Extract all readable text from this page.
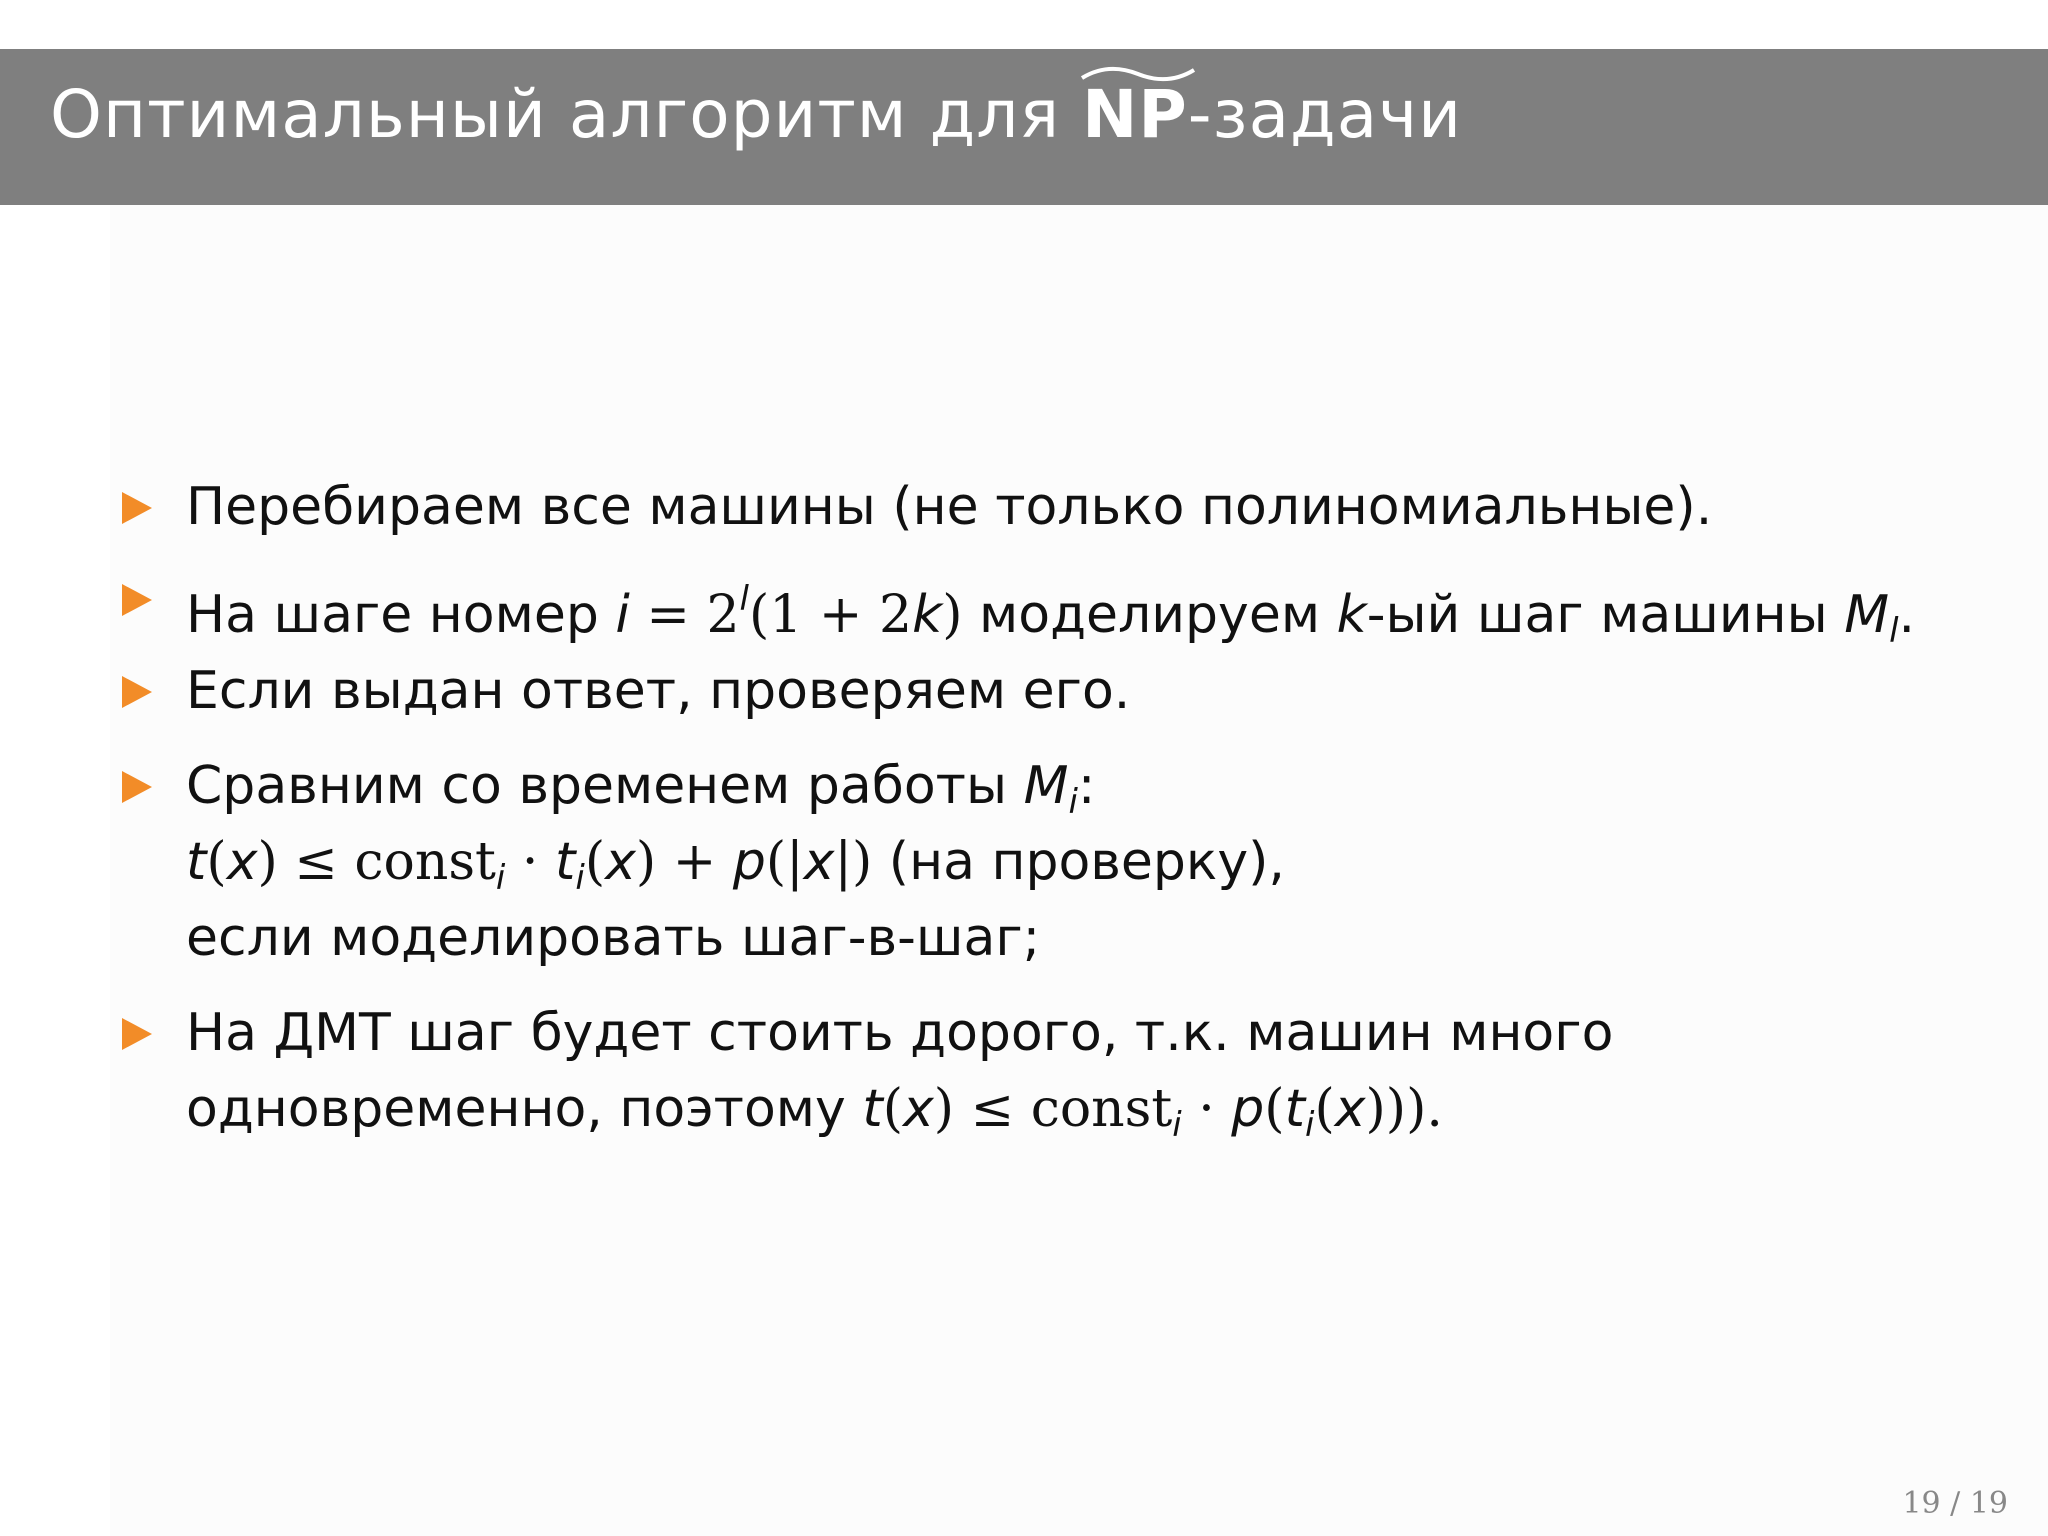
Оптимальный алгоритм для
NP-задачи
Перебираем все машины (не только полиномиальные).
На шаге номер $i = 2^l(1 + 2k)$ моделируем k-ый шаг машины $M_l$.
Если выдан ответ, проверяем его.
Сравним со временем работы $M_i$:
t(x) ≤ const$_i$ · $t_i(x) + p(|x|)$ (на проверку),
если моделировать шаг-в-шаг;
На ДМТ шаг будет стоить дорого, т.к. машин много
одновременно, поэтому t(x) ≤ const$_i$ · $p(t_i(x))$).
19 / 19
